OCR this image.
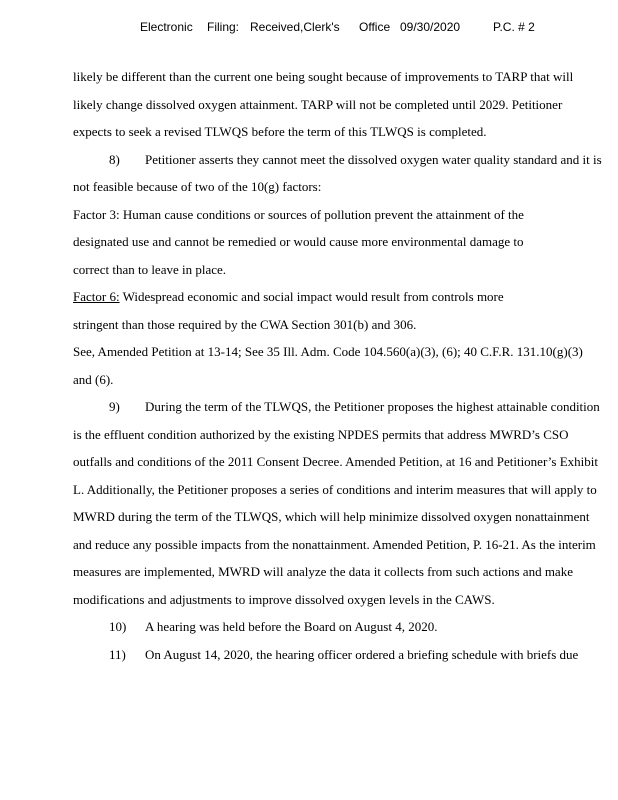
Electronic Filing: Received,Clerk's Office 09/30/2020	P.C. # 2

likely be different than the current one being sought because of improvements to TARP that will likely change dissolved oxygen attainment. TARP will not be completed until 2029. Petitioner expects to seek a revised TLWQS before the term of this TLWQS is completed.

8) Petitioner asserts they cannot meet the dissolved oxygen water quality standard and it is not feasible because of two of the 10(g) factors:

Factor 3: Human cause conditions or sources of pollution prevent the attainment of the designated use and cannot be remedied or would cause more environmental damage to correct than to leave in place.

Factor 6: Widespread economic and social impact would result from controls more stringent than those required by the CWA Section 301(b) and 306.

See, Amended Petition at 13-14; See 35 Ill. Adm. Code 104.560(a)(3), (6); 40 C.F.R. 131.10(g)(3) and (6).

9) During the term of the TLWQS, the Petitioner proposes the highest attainable condition is the effluent condition authorized by the existing NPDES permits that address MWRD’s CSO outfalls and conditions of the 2011 Consent Decree. Amended Petition, at 16 and Petitioner’s Exhibit L. Additionally, the Petitioner proposes a series of conditions and interim measures that will apply to MWRD during the term of the TLWQS, which will help minimize dissolved oxygen nonattainment and reduce any possible impacts from the nonattainment. Amended Petition, P. 16-21. As the interim measures are implemented, MWRD will analyze the data it collects from such actions and make modifications and adjustments to improve dissolved oxygen levels in the CAWS.

10) A hearing was held before the Board on August 4, 2020.

11) On August 14, 2020, the hearing officer ordered a briefing schedule with briefs due
